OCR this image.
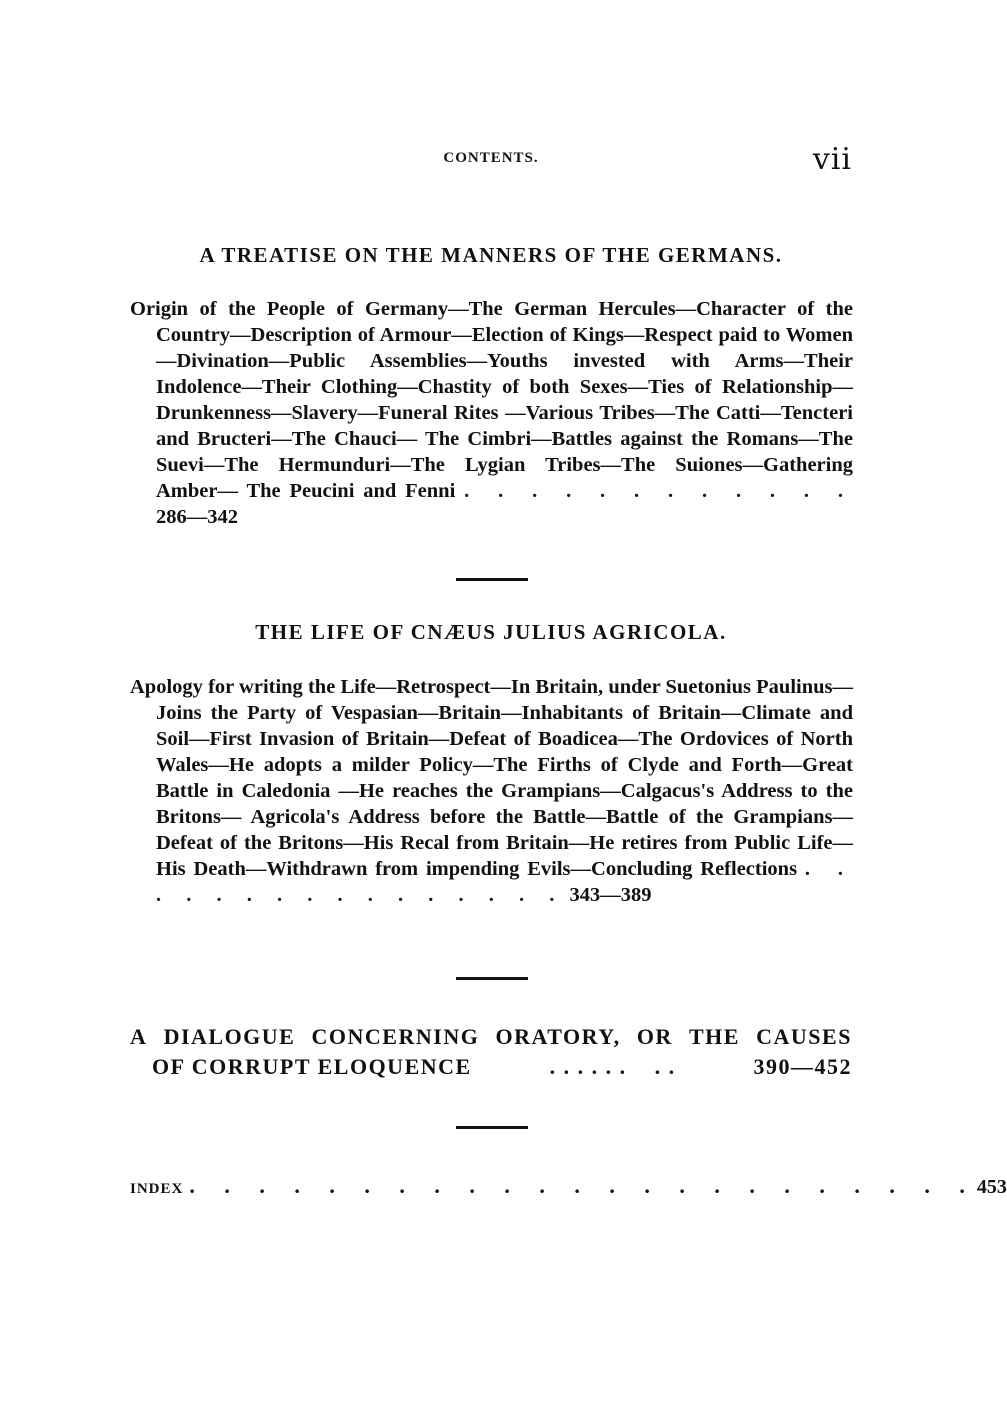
CONTENTS.	vii
A TREATISE ON THE MANNERS OF THE GERMANS.
Origin of the People of Germany—The German Hercules—Character of the Country—Description of Armour—Election of Kings—Respect paid to Women—Divination—Public Assemblies—Youths invested with Arms—Their Indolence—Their Clothing—Chastity of both Sexes—Ties of Relationship—Drunkenness—Slavery—Funeral Rites —Various Tribes—The Catti—Tencteri and Bructeri—The Chauci— The Cimbri—Battles against the Romans—The Suevi—The Hermunduri—The Lygian Tribes—The Suiones—Gathering Amber— The Peucini and Fenni . . . . . . . . . . . . 286—342
THE LIFE OF CNÆUS JULIUS AGRICOLA.
Apology for writing the Life—Retrospect—In Britain, under Suetonius Paulinus—Joins the Party of Vespasian—Britain—Inhabitants of Britain—Climate and Soil—First Invasion of Britain—Defeat of Boadicea—The Ordovices of North Wales—He adopts a milder Policy—The Firths of Clyde and Forth—Great Battle in Caledonia —He reaches the Grampians—Calgacus's Address to the Britons— Agricola's Address before the Battle—Battle of the Grampians—Defeat of the Britons—His Recal from Britain—He retires from Public Life—His Death—Withdrawn from impending Evils—Concluding Reflections . . . . . . . . . . . . . . . . 343—389
A DIALOGUE CONCERNING ORATORY, OR THE CAUSES
OF CORRUPT ELOQUENCE	. . . . . .    . .	390—452
INDEX . . . . . . . . . . . . . . . . . . . . . . . 453
